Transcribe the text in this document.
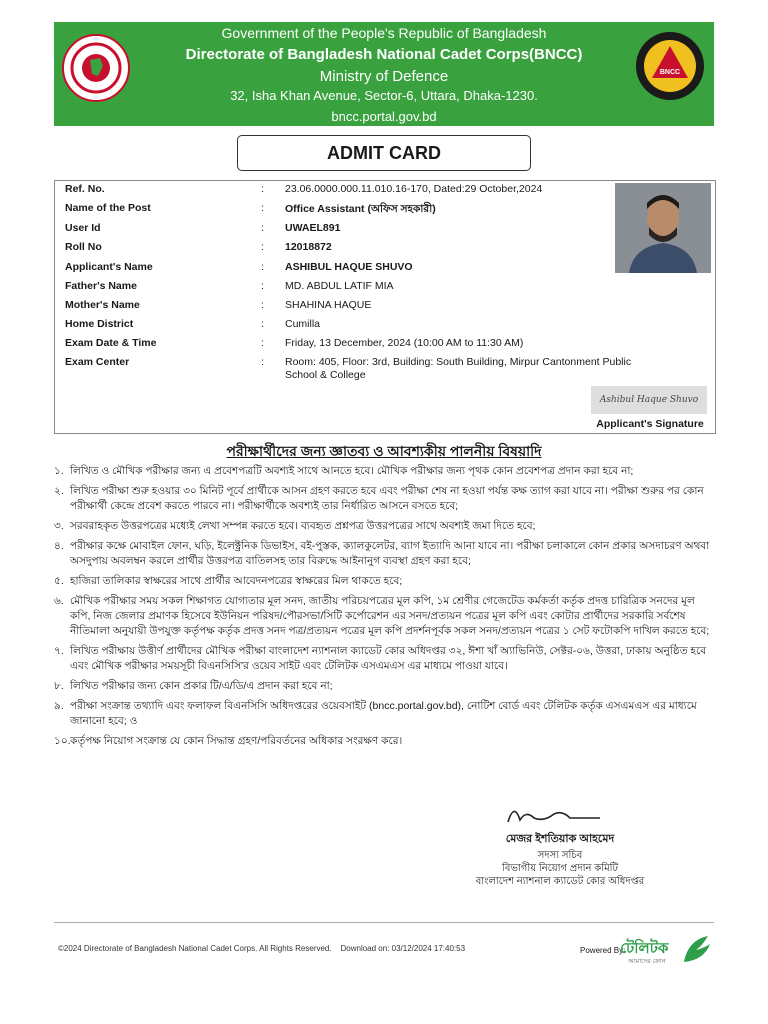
Government of the People's Republic of Bangladesh
Directorate of Bangladesh National Cadet Corps(BNCC)
Ministry of Defence
32, Isha Khan Avenue, Sector-6, Uttara, Dhaka-1230.
bncc.portal.gov.bd
BNCC
ADMIT CARD
Ref. No.	: 23.06.0000.000.11.010.16-170, Dated:29 October,2024
Name of the Post	: Office Assistant (অফিস সহকারী)
User Id	: UWAEL891
Roll No	: 12018872
Applicant's Name	: ASHIBUL HAQUE SHUVO
Father's Name	: MD. ABDUL LATIF MIA
Mother's Name	: SHAHINA HAQUE
Home District	: Cumilla
Exam Date & Time	: Friday, 13 December, 2024 (10:00 AM to 11:30 AM)
Exam Center	: Room: 405, Floor: 3rd, Building: South Building, Mirpur Cantonment Public School & College
Ashibul Haque Shuvo
Applicant's Signature
পরীক্ষার্থীদের জন্য জ্ঞাতব্য ও আবশ্যকীয় পালনীয় বিষয়াদি
১. লিখিত ও মৌখিক পরীক্ষার জন্য এ প্রবেশপত্রটি অবশ্যই সাথে আনতে হবে। মৌখিক পরীক্ষার জন্য পৃথক কোন প্রবেশপত্র প্রদান করা হবে না;
২. লিখিত পরীক্ষা শুরু হওয়ার ৩০ মিনিট পূর্বে প্রার্থীকে আসন গ্রহণ করতে হবে এবং পরীক্ষা শেষ না হওয়া পর্যন্ত কক্ষ ত্যাগ করা যাবে না। পরীক্ষা শুরুর পর কোন পরীক্ষার্থী কেন্দ্রে প্রবেশ করতে পারবে না। পরীক্ষার্থীকে অবশ্যই তার নির্ধারিত আসনে বসতে হবে;
৩. সরবরাহকৃত উত্তরপত্রের মধ্যেই লেখা সম্পন্ন করতে হবে। ব্যবহৃত প্রশ্নপত্র উত্তরপত্রের সাথে অবশ্যই জমা দিতে হবে;
৪. পরীক্ষার কক্ষে মোবাইল ফোন, ঘড়ি, ইলেক্ট্রনিক ডিভাইস, বই-পুস্তক, ক্যালকুলেটর, ব্যাগ ইত্যাদি আনা যাবে না। পরীক্ষা চলাকালে কোন প্রকার অসদাচরণ অথবা অসদুপায় অবলম্বন করলে প্রার্থীর উত্তরপত্র বাতিলসহ তার বিরুদ্ধে আইনানুগ ব্যবস্থা গ্রহণ করা হবে;
৫. হাজিরা তালিকার স্বাক্ষরের সাথে প্রার্থীর আবেদনপত্রের স্বাক্ষরের মিল থাকতে হবে;
৬. মৌখিক পরীক্ষার সময় সকল শিক্ষাগত যোগ্যতার মূল সনদ, জাতীয় পরিচয়পত্রের মূল কপি, ১ম শ্রেণীর গেজেটেড কর্মকর্তা কর্তৃক প্রদত্ত চারিত্রিক সনদের মূল কপি, নিজ জেলার প্রমাণক হিসেবে ইউনিয়ন পরিষদ/পৌরসভা/সিটি কর্পোরেশন এর সনদ/প্রত্যয়ন পত্রের মূল কপি এবং কোটার প্রার্থীদের সরকারি সর্বশেষ নীতিমালা অনুযায়ী উপযুক্ত কর্তৃপক্ষ কর্তৃক প্রদত্ত সনদ পত্র/প্রত্যয়ন পত্রের মূল কপি প্রদর্শনপূর্বক সকল সনদ/প্রত্যয়ন পত্রের ১ সেট ফটোকপি দাখিল করতে হবে;
৭. লিখিত পরীক্ষায় উত্তীর্ণ প্রার্থীদের মৌখিক পরীক্ষা বাংলাদেশ ন্যাশনাল ক্যাডেট কোর অধিদপ্তর ৩২, ঈশা খাঁ অ্যাভিনিউ, সেক্টর-০৬, উত্তরা, ঢাকায় অনুষ্ঠিত হবে এবং মৌখিক পরীক্ষার সময়সূচী বিএনসিসি'র ওয়েব সাইট এবং টেলিটক এসএমএস এর মাধ্যমে পাওয়া যাবে।
৮. লিখিত পরীক্ষার জন্য কোন প্রকার টি/এ/ডি/এ প্রদান করা হবে না;
৯. পরীক্ষা সংক্রান্ত তথ্যাদি এবং ফলাফল বিএনসিসি অধিদপ্তরের ওয়েবসাইট (bncc.portal.gov.bd), নোটিশ বোর্ড এবং টেলিটক কর্তৃক এসএমএস এর মাধ্যমে জানানো হবে; ও
১০. কর্তৃপক্ষ নিয়োগ সংক্রান্ত যে কোন সিদ্ধান্ত গ্রহণ/পরিবর্তনের অধিকার সংরক্ষণ করে।
মেজর ইশতিয়াক আহমেদ
সদস্য সচিব
বিভাগীয় নিয়োগ প্রদান কমিটি
বাংলাদেশ ন্যাশনাল ক্যাডেট কোর অধিদপ্তর
©2024 Directorate of Bangladesh National Cadet Corps. All Rights Reserved. Download on: 03/12/2024 17:40:53	Powered By:
টেলিটক
আমাদের ফোন
